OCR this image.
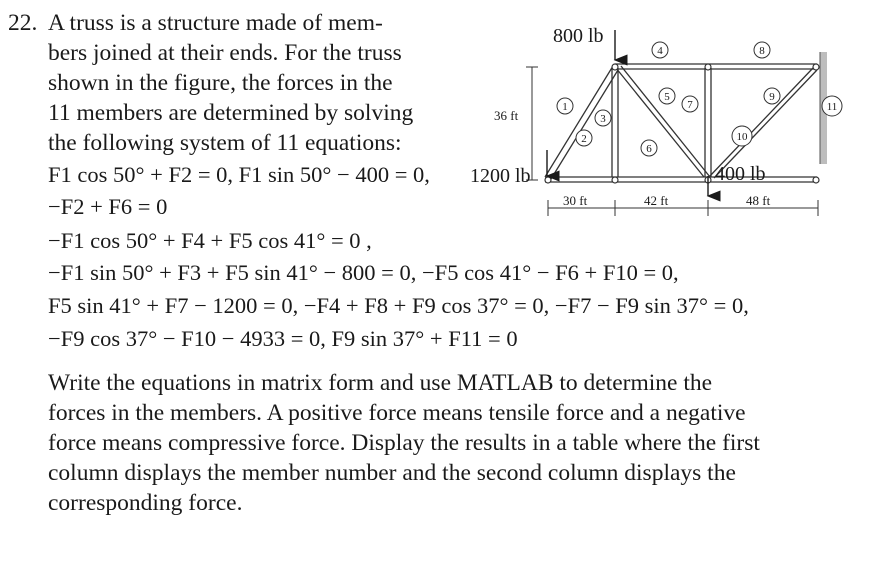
22. A truss is a structure made of mem-
bers joined at their ends. For the truss
shown in the figure, the forces in the
11 members are determined by solving
the following system of 11 equations:
F1 cos 50° + F2 = 0, F1 sin 50° − 400 = 0,
−F2 + F6 = 0
−F1 cos 50° + F4 + F5 cos 41° = 0 ,
−F1 sin 50° + F3 + F5 sin 41° − 800 = 0, −F5 cos 41° − F6 + F10 = 0,
F5 sin 41° + F7 − 1200 = 0, −F4 + F8 + F9 cos 37° = 0, −F7 − F9 sin 37° = 0,
−F9 cos 37° − F10 − 4933 = 0, F9 sin 37° + F11 = 0
Write the equations in matrix form and use MATLAB to determine the
forces in the members. A positive force means tensile force and a negative
force means compressive force. Display the results in a table where the first
column displays the member number and the second column displays the
corresponding force.
36 ft
30 ft	42 ft	48 ft
800 lb
1200 lb	400 lb
1
2
3
4
5
6
7
8
9
10
11
